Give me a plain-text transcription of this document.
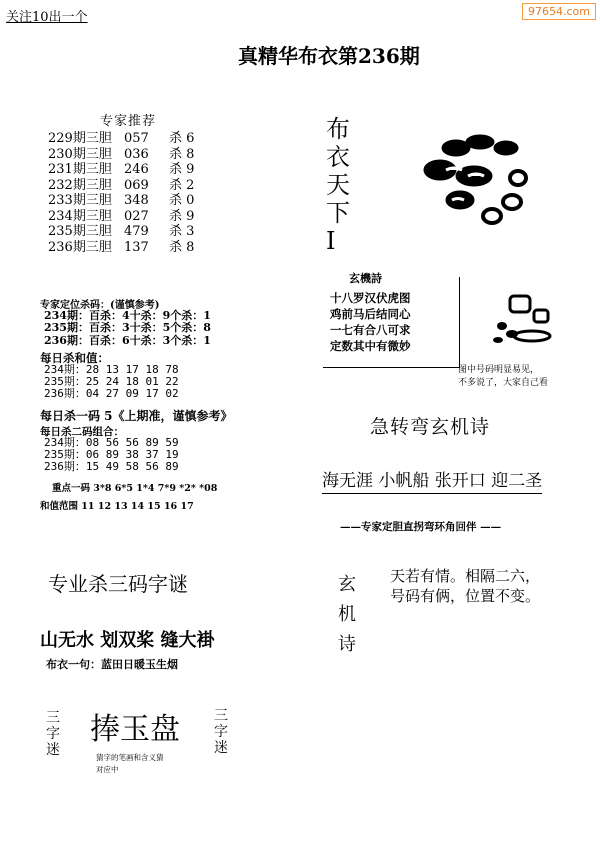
关注10出一个	97654.com
真精华布衣第236期
专家推荐
229期三胆 057 杀 6
230期三胆 036 杀 8
231期三胆 246 杀 9
232期三胆 069 杀 2
233期三胆 348 杀 0
234期三胆 027 杀 9
235期三胆 479 杀 3
236期三胆 137 杀 8
专家定位杀码：(谨慎参考)
234期：百杀：4十杀：9个杀：1
235期：百杀：3十杀：5个杀：8
236期：百杀：6十杀：3个杀：1
每日杀和值：
234期：28 13 17 18 78
235期：25 24 18 01 22
236期：04 27 09 17 02
每日杀一码 5《上期准，谨慎参考》
每日杀二码组合：
234期：08 56 56 89 59
235期：06 89 38 37 19
236期：15 49 58 56 89
重点一码 3*8 6*5 1*4 7*9 *2* *08
和值范围 11 12 13 14 15 16 17
专业杀三码字谜
山无水 划双桨 缝大褂
布衣一句：蓝田日暖玉生烟
三字迷
捧玉盘 三字迷
猜字的笔画和含义猜
对应中
布
衣
天
下
I
玄機詩
十八罗汉伏虎图
鸡前马后结同心
一七有合八可求
定数其中有微妙
图中号码明显易见，
不多说了，大家自己看
急转弯玄机诗
海无涯 小帆船 张开口 迎二圣
——专家定胆直拐弯环角回伴 ——
玄
机
诗
天若有情。相隔二六，
号码有俩，位置不变。
